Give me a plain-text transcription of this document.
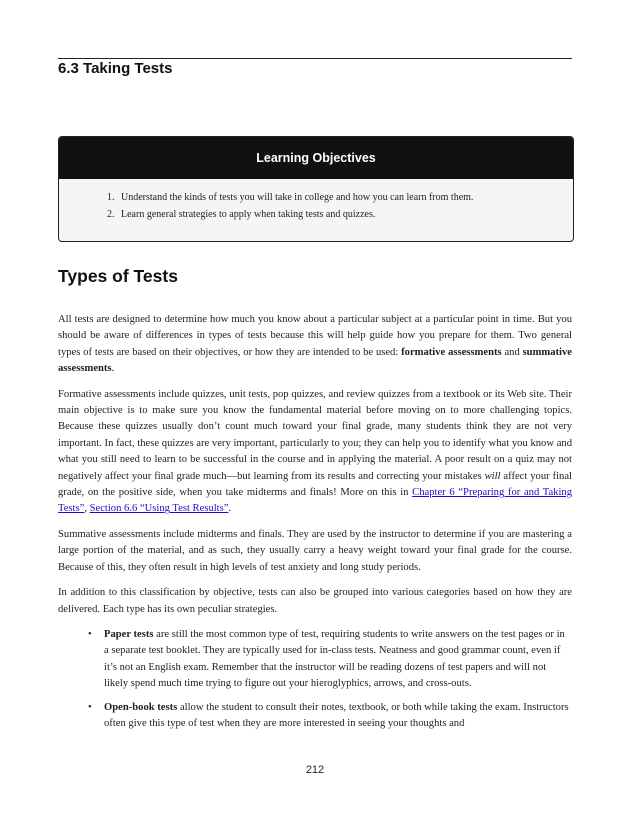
6.3 Taking Tests
Learning Objectives
1. Understand the kinds of tests you will take in college and how you can learn from them.
2. Learn general strategies to apply when taking tests and quizzes.
Types of Tests

All tests are designed to determine how much you know about a particular subject at a particular point in time. But you should be aware of differences in types of tests because this will help guide how you prepare for them. Two general types of tests are based on their objectives, or how they are intended to be used: formative assessments and summative assessments.

Formative assessments include quizzes, unit tests, pop quizzes, and review quizzes from a textbook or its Web site. Their main objective is to make sure you know the fundamental material before moving on to more challenging topics. Because these quizzes usually don’t count much toward your final grade, many students think they are not very important. In fact, these quizzes are very important, particularly to you; they can help you to identify what you know and what you still need to learn to be successful in the course and in applying the material. A poor result on a quiz may not negatively affect your final grade much—but learning from its results and correcting your mistakes will affect your final grade, on the positive side, when you take midterms and finals! More on this in Chapter 6 “Preparing for and Taking Tests”, Section 6.6 “Using Test Results”.

Summative assessments include midterms and finals. They are used by the instructor to determine if you are mastering a large portion of the material, and as such, they usually carry a heavy weight toward your final grade for the course. Because of this, they often result in high levels of test anxiety and long study periods.

In addition to this classification by objective, tests can also be grouped into various categories based on how they are delivered. Each type has its own peculiar strategies.

• Paper tests are still the most common type of test, requiring students to write answers on the test pages or in a separate test booklet. They are typically used for in-class tests. Neatness and good grammar count, even if it’s not an English exam. Remember that the instructor will be reading dozens of test papers and will not likely spend much time trying to figure out your hieroglyphics, arrows, and cross-outs.
• Open-book tests allow the student to consult their notes, textbook, or both while taking the exam. Instructors often give this type of test when they are more interested in seeing your thoughts and
212
